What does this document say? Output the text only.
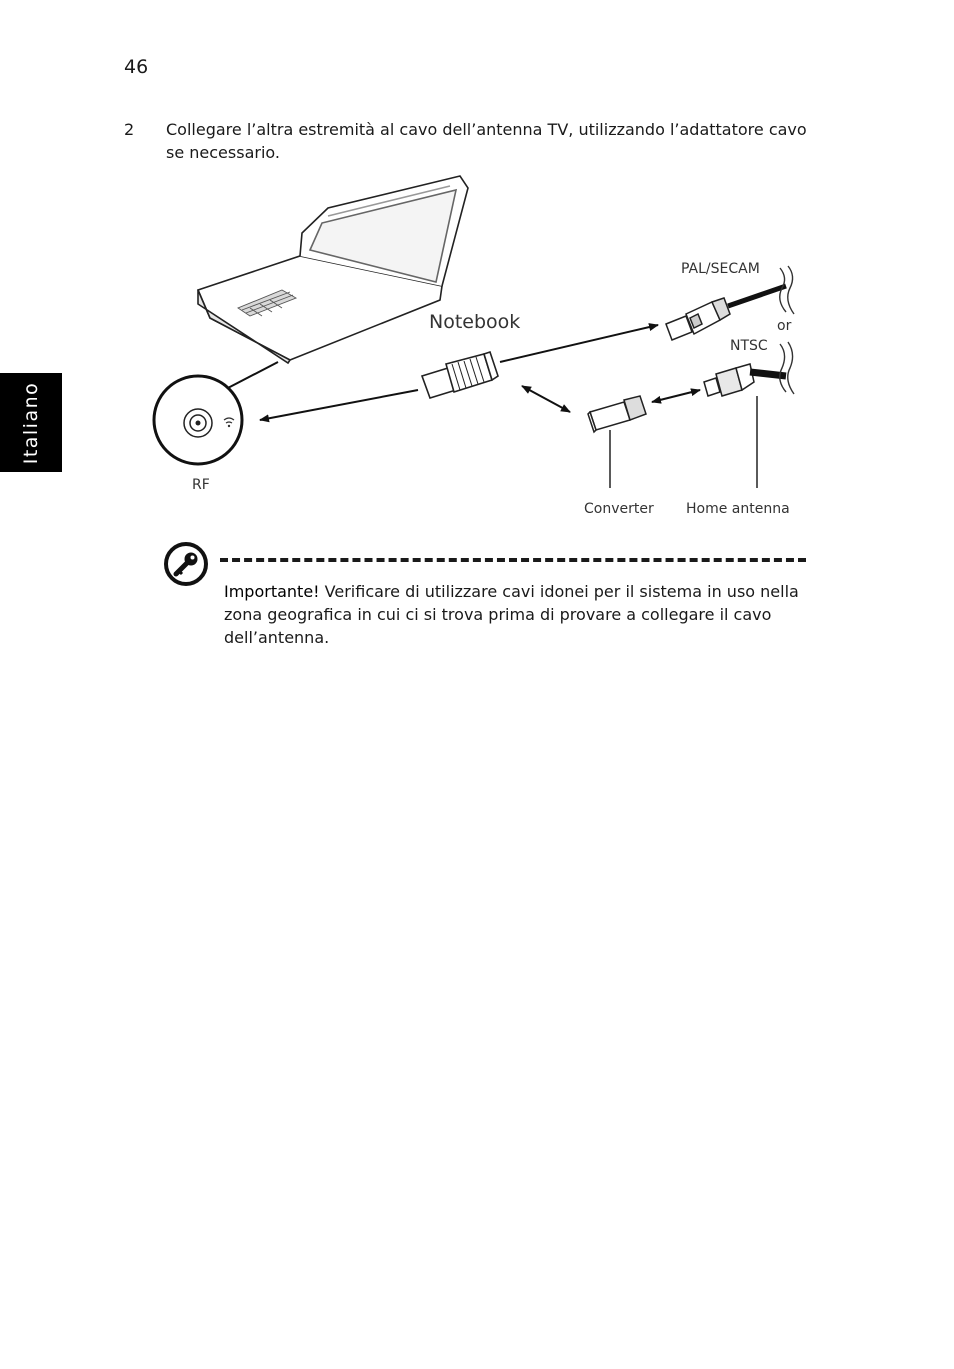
46
Italiano
2 Collegare l’altra estremità al cavo dell’antenna TV, utilizzando l’adattatore cavo se necessario.
Notebook
PAL/SECAM
or
NTSC
RF
Converter Home antenna
Importante! Verificare di utilizzare cavi idonei per il sistema in uso nella zona geografica in cui ci si trova prima di provare a collegare il cavo dell’antenna.
